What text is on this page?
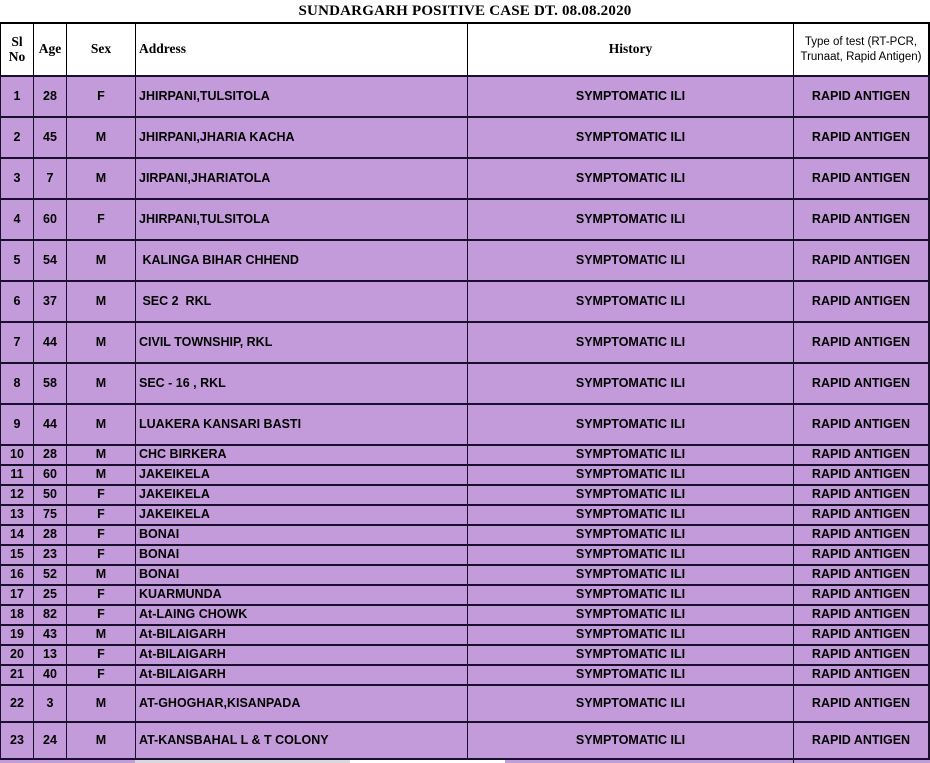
SUNDARGARH POSITIVE CASE DT. 08.08.2020
Sl No	Age	Sex	Address	History	Type of test (RT-PCR, Trunaat, Rapid Antigen)
1	28	F	JHIRPANI,TULSITOLA	SYMPTOMATIC ILI	RAPID ANTIGEN
2	45	M	JHIRPANI,JHARIA KACHA	SYMPTOMATIC ILI	RAPID ANTIGEN
3	7	M	JIRPANI,JHARIATOLA	SYMPTOMATIC ILI	RAPID ANTIGEN
4	60	F	JHIRPANI,TULSITOLA	SYMPTOMATIC ILI	RAPID ANTIGEN
5	54	M	KALINGA BIHAR CHHEND	SYMPTOMATIC ILI	RAPID ANTIGEN
6	37	M	SEC 2  RKL	SYMPTOMATIC ILI	RAPID ANTIGEN
7	44	M	CIVIL TOWNSHIP, RKL	SYMPTOMATIC ILI	RAPID ANTIGEN
8	58	M	SEC - 16 , RKL	SYMPTOMATIC ILI	RAPID ANTIGEN
9	44	M	LUAKERA KANSARI BASTI	SYMPTOMATIC ILI	RAPID ANTIGEN
10	28	M	CHC BIRKERA	SYMPTOMATIC ILI	RAPID ANTIGEN
11	60	M	JAKEIKELA	SYMPTOMATIC ILI	RAPID ANTIGEN
12	50	F	JAKEIKELA	SYMPTOMATIC ILI	RAPID ANTIGEN
13	75	F	JAKEIKELA	SYMPTOMATIC ILI	RAPID ANTIGEN
14	28	F	BONAI	SYMPTOMATIC ILI	RAPID ANTIGEN
15	23	F	BONAI	SYMPTOMATIC ILI	RAPID ANTIGEN
16	52	M	BONAI	SYMPTOMATIC ILI	RAPID ANTIGEN
17	25	F	KUARMUNDA	SYMPTOMATIC ILI	RAPID ANTIGEN
18	82	F	At-LAING CHOWK	SYMPTOMATIC ILI	RAPID ANTIGEN
19	43	M	At-BILAIGARH	SYMPTOMATIC ILI	RAPID ANTIGEN
20	13	F	At-BILAIGARH	SYMPTOMATIC ILI	RAPID ANTIGEN
21	40	F	At-BILAIGARH	SYMPTOMATIC ILI	RAPID ANTIGEN
22	3	M	AT-GHOGHAR,KISANPADA	SYMPTOMATIC ILI	RAPID ANTIGEN
23	24	M	AT-KANSBAHAL L & T COLONY	SYMPTOMATIC ILI	RAPID ANTIGEN
